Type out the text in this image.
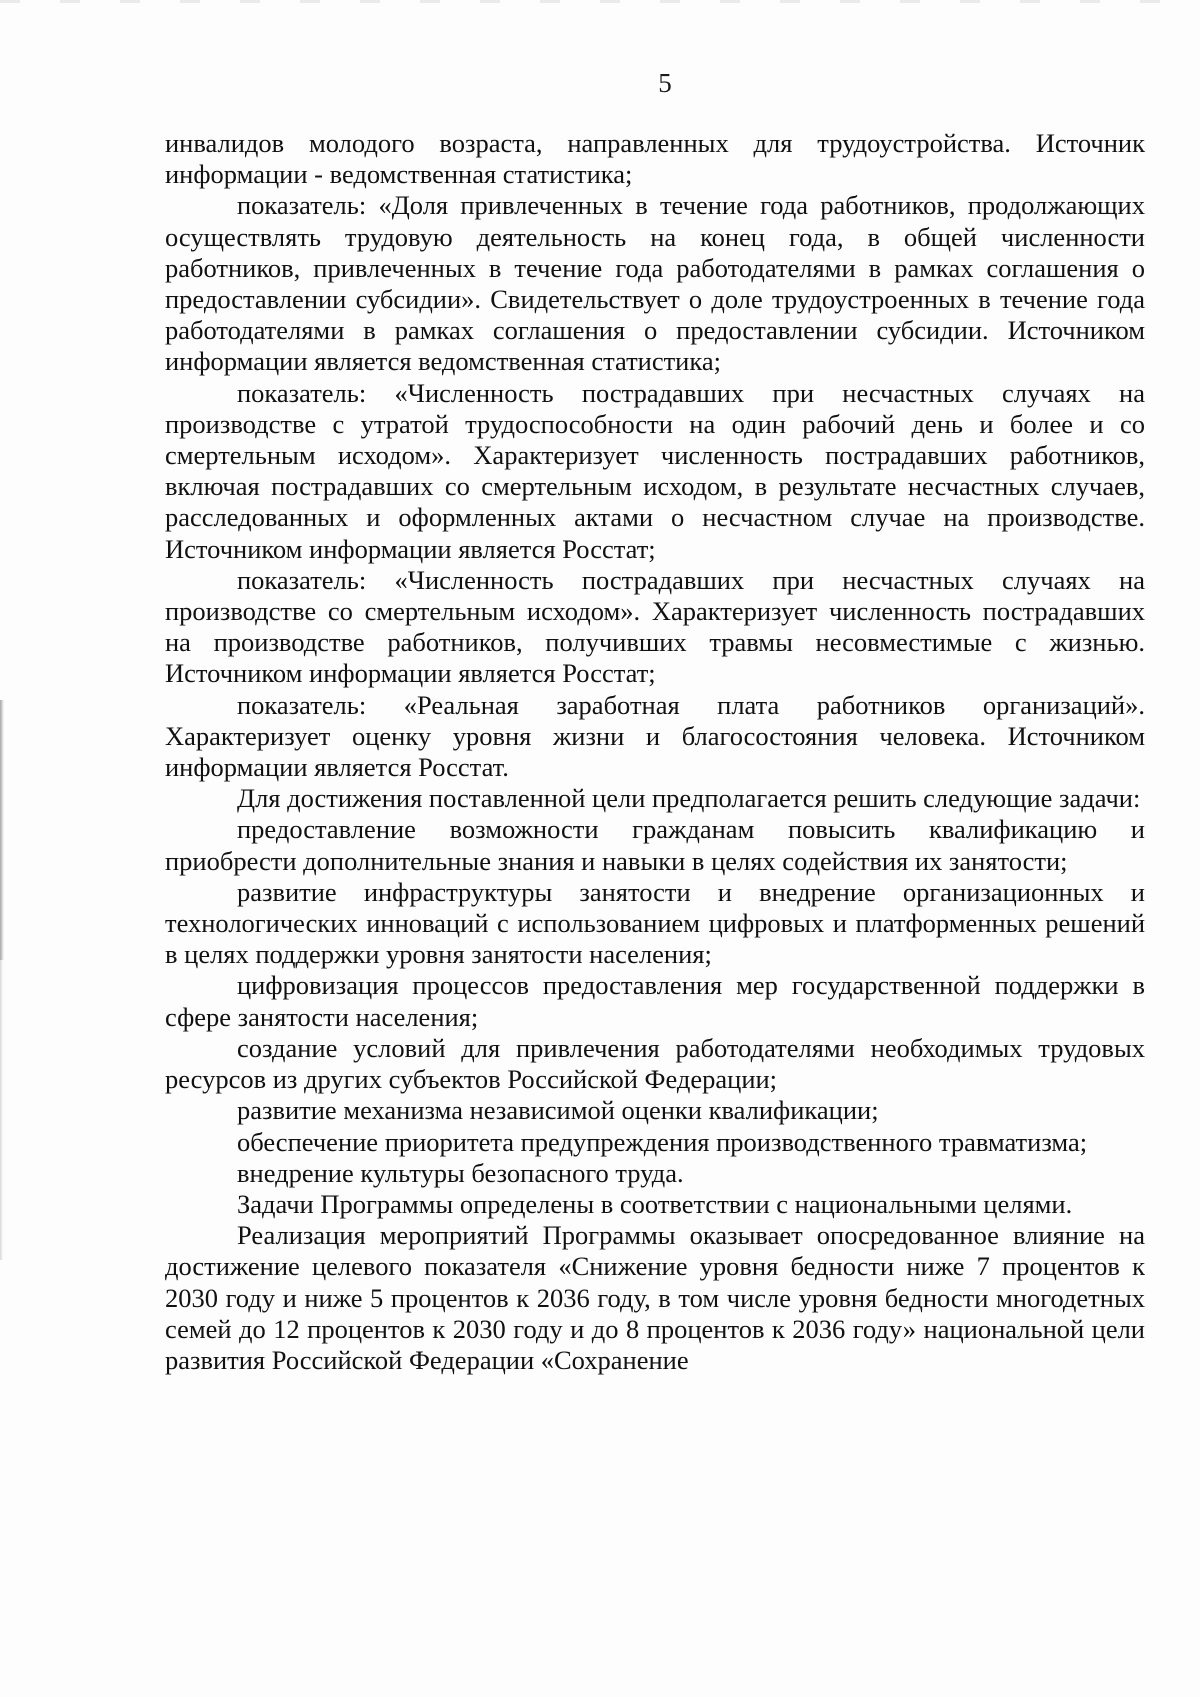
5

инвалидов молодого возраста, направленных для трудоустройства. Источник информации - ведомственная статистика;

показатель: «Доля привлеченных в течение года работников, продолжающих осуществлять трудовую деятельность на конец года, в общей численности работников, привлеченных в течение года работодателями в рамках соглашения о предоставлении субсидии». Свидетельствует о доле трудоустроенных в течение года работодателями в рамках соглашения о предоставлении субсидии. Источником информации является ведомственная статистика;

показатель: «Численность пострадавших при несчастных случаях на производстве с утратой трудоспособности на один рабочий день и более и со смертельным исходом». Характеризует численность пострадавших работников, включая пострадавших со смертельным исходом, в результате несчастных случаев, расследованных и оформленных актами о несчастном случае на производстве. Источником информации является Росстат;

показатель: «Численность пострадавших при несчастных случаях на производстве со смертельным исходом». Характеризует численность пострадавших на производстве работников, получивших травмы несовместимые с жизнью. Источником информации является Росстат;

показатель: «Реальная заработная плата работников организаций». Характеризует оценку уровня жизни и благосостояния человека. Источником информации является Росстат.

Для достижения поставленной цели предполагается решить следующие задачи:

предоставление возможности гражданам повысить квалификацию и приобрести дополнительные знания и навыки в целях содействия их занятости;

развитие инфраструктуры занятости и внедрение организационных и технологических инноваций с использованием цифровых и платформенных решений в целях поддержки уровня занятости населения;

цифровизация процессов предоставления мер государственной поддержки в сфере занятости населения;

создание условий для привлечения работодателями необходимых трудовых ресурсов из других субъектов Российской Федерации;

развитие механизма независимой оценки квалификации;

обеспечение приоритета предупреждения производственного травматизма;

внедрение культуры безопасного труда.

Задачи Программы определены в соответствии с национальными целями.

Реализация мероприятий Программы оказывает опосредованное влияние на достижение целевого показателя «Снижение уровня бедности ниже 7 процентов к 2030 году и ниже 5 процентов к 2036 году, в том числе уровня бедности многодетных семей до 12 процентов к 2030 году и до 8 процентов к 2036 году» национальной цели развития Российской Федерации «Сохранение
